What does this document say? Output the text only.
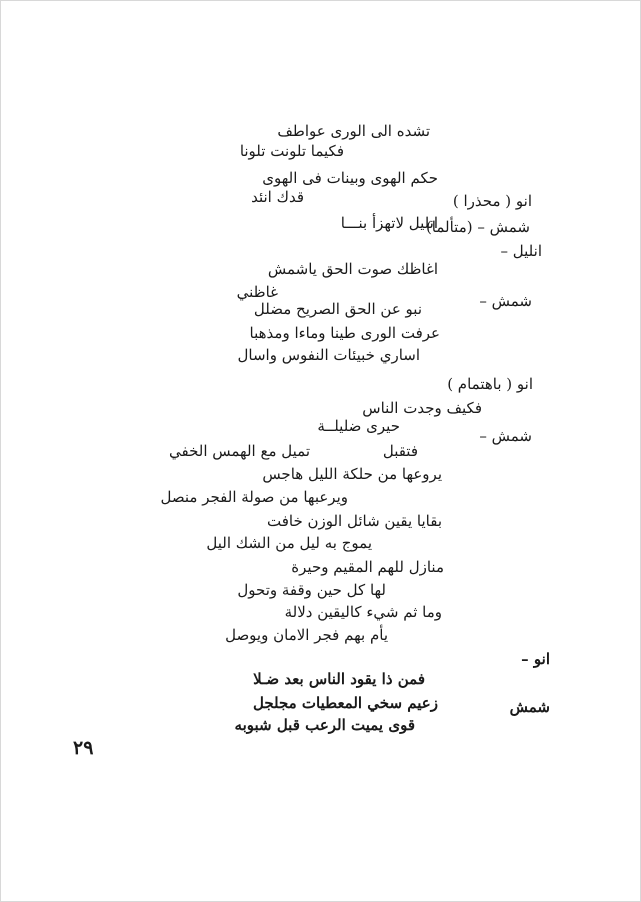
تشده الى الورى عواطف
فكيما تلونت تلونا
حكم الهوى وبينات فى الهوى
انو ( محذرا )
قدك انئد
شمش – (متألما)
انليل لاتهزأ بنـــا
انليل –
اغاظك صوت الحق ياشمش
شمش –
غاظني
نبو عن الحق الصريح مضلل
عرفت الورى طينا وماءا ومذهبا
اساري خبيئات النفوس واسال
انو ( باهتمام )
فكيف وجدت الناس
شمش –
حيرى ضليلــة
تميل مع الهمس الخفي	فتقبل
يروعها من حلكة الليل هاجس
ويرعبها من صولة الفجر منصل
بقايا يقين شائل الوزن خافت
يموج به ليل من الشك اليل
منازل للهم المقيم وحيرة
لها كل حين وقفة وتحول
وما ثم شيء كاليقين دلالة
يأم بهم فجر الامان ويوصل
انو –
فمن ذا يقود الناس بعد ضـلا
شمش
زعيم سخي المعطيات مجلجل
قوى يميت الرعب قبل شبوبه
٢٩
